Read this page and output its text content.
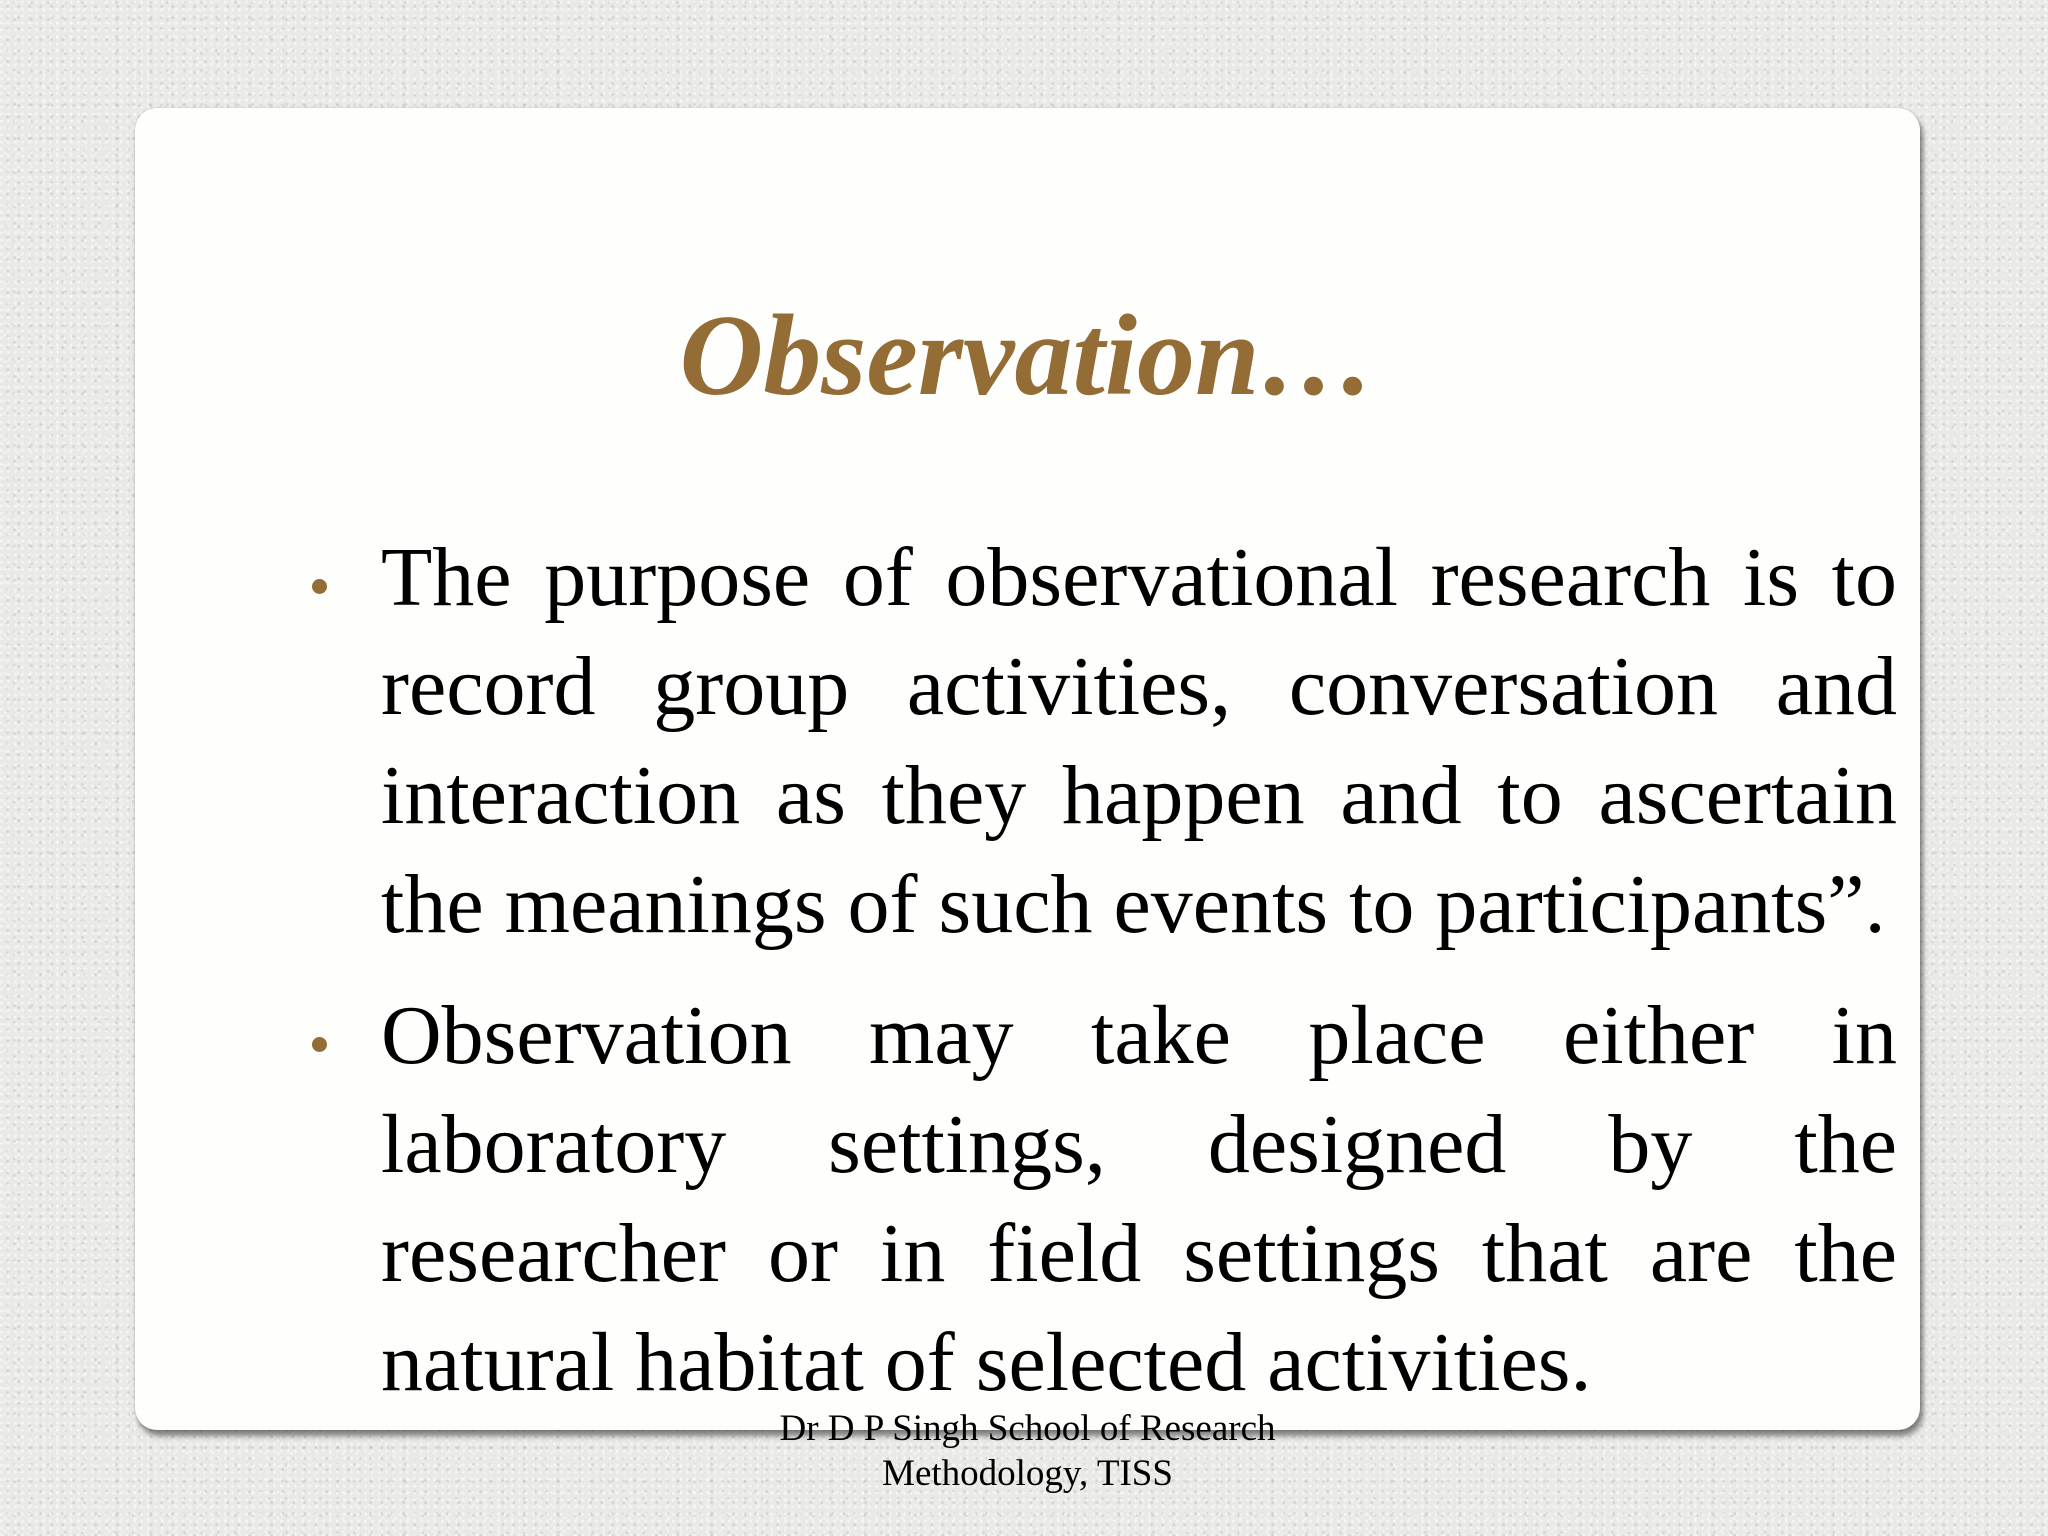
Observation…
The purpose of observational research is to record group activities, conversation and interaction as they happen and to ascertain the meanings of such events to participants”.
Observation may take place either in laboratory settings, designed by the researcher or in field settings that are the natural habitat of selected activities.
Dr D P Singh School of Research
Methodology, TISS
